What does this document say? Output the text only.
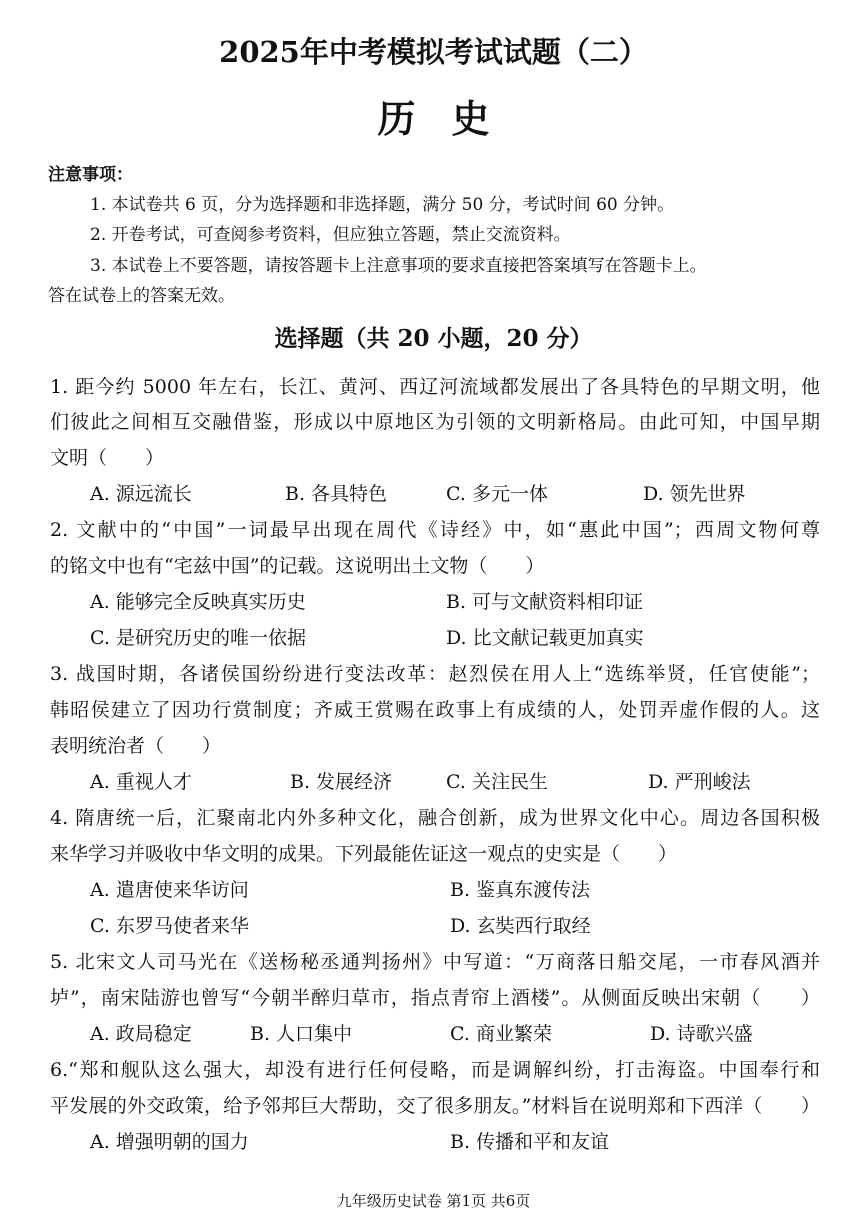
2025年中考模拟考试试题（二）
历史
注意事项：
1. 本试卷共 6 页，分为选择题和非选择题，满分 50 分，考试时间 60 分钟。
2. 开卷考试，可查阅参考资料，但应独立答题，禁止交流资料。
3. 本试卷上不要答题，请按答题卡上注意事项的要求直接把答案填写在答题卡上。
答在试卷上的答案无效。
选择题（共 20 小题，20 分）
1. 距今约 5000 年左右，长江、黄河、西辽河流域都发展出了各具特色的早期文明，他
们彼此之间相互交融借鉴，形成以中原地区为引领的文明新格局。由此可知，中国早期
文明（　　）
A. 源远流长	B. 各具特色	C. 多元一体	D. 领先世界
2. 文献中的“中国”一词最早出现在周代《诗经》中，如“惠此中国”；西周文物何尊
的铭文中也有“宅兹中国”的记载。这说明出土文物（　　）
A. 能够完全反映真实历史	B. 可与文献资料相印证
C. 是研究历史的唯一依据	D. 比文献记载更加真实
3. 战国时期，各诸侯国纷纷进行变法改革：赵烈侯在用人上“选练举贤，任官使能”；
韩昭侯建立了因功行赏制度；齐威王赏赐在政事上有成绩的人，处罚弄虚作假的人。这
表明统治者（　　）
A. 重视人才	B. 发展经济	C. 关注民生	D. 严刑峻法
4. 隋唐统一后，汇聚南北内外多种文化，融合创新，成为世界文化中心。周边各国积极
来华学习并吸收中华文明的成果。下列最能佐证这一观点的史实是（　　）
A. 遣唐使来华访问	B. 鉴真东渡传法
C. 东罗马使者来华	D. 玄奘西行取经
5. 北宋文人司马光在《送杨秘丞通判扬州》中写道：“万商落日船交尾，一市春风酒并
垆”，南宋陆游也曾写“今朝半醉归草市，指点青帘上酒楼”。从侧面反映出宋朝（　　）
A. 政局稳定	B. 人口集中	C. 商业繁荣	D. 诗歌兴盛
6.“郑和舰队这么强大，却没有进行任何侵略，而是调解纠纷，打击海盗。中国奉行和
平发展的外交政策，给予邻邦巨大帮助，交了很多朋友。”材料旨在说明郑和下西洋（　　）
A. 增强明朝的国力	B. 传播和平和友谊
九年级历史试卷 第1页 共6页
